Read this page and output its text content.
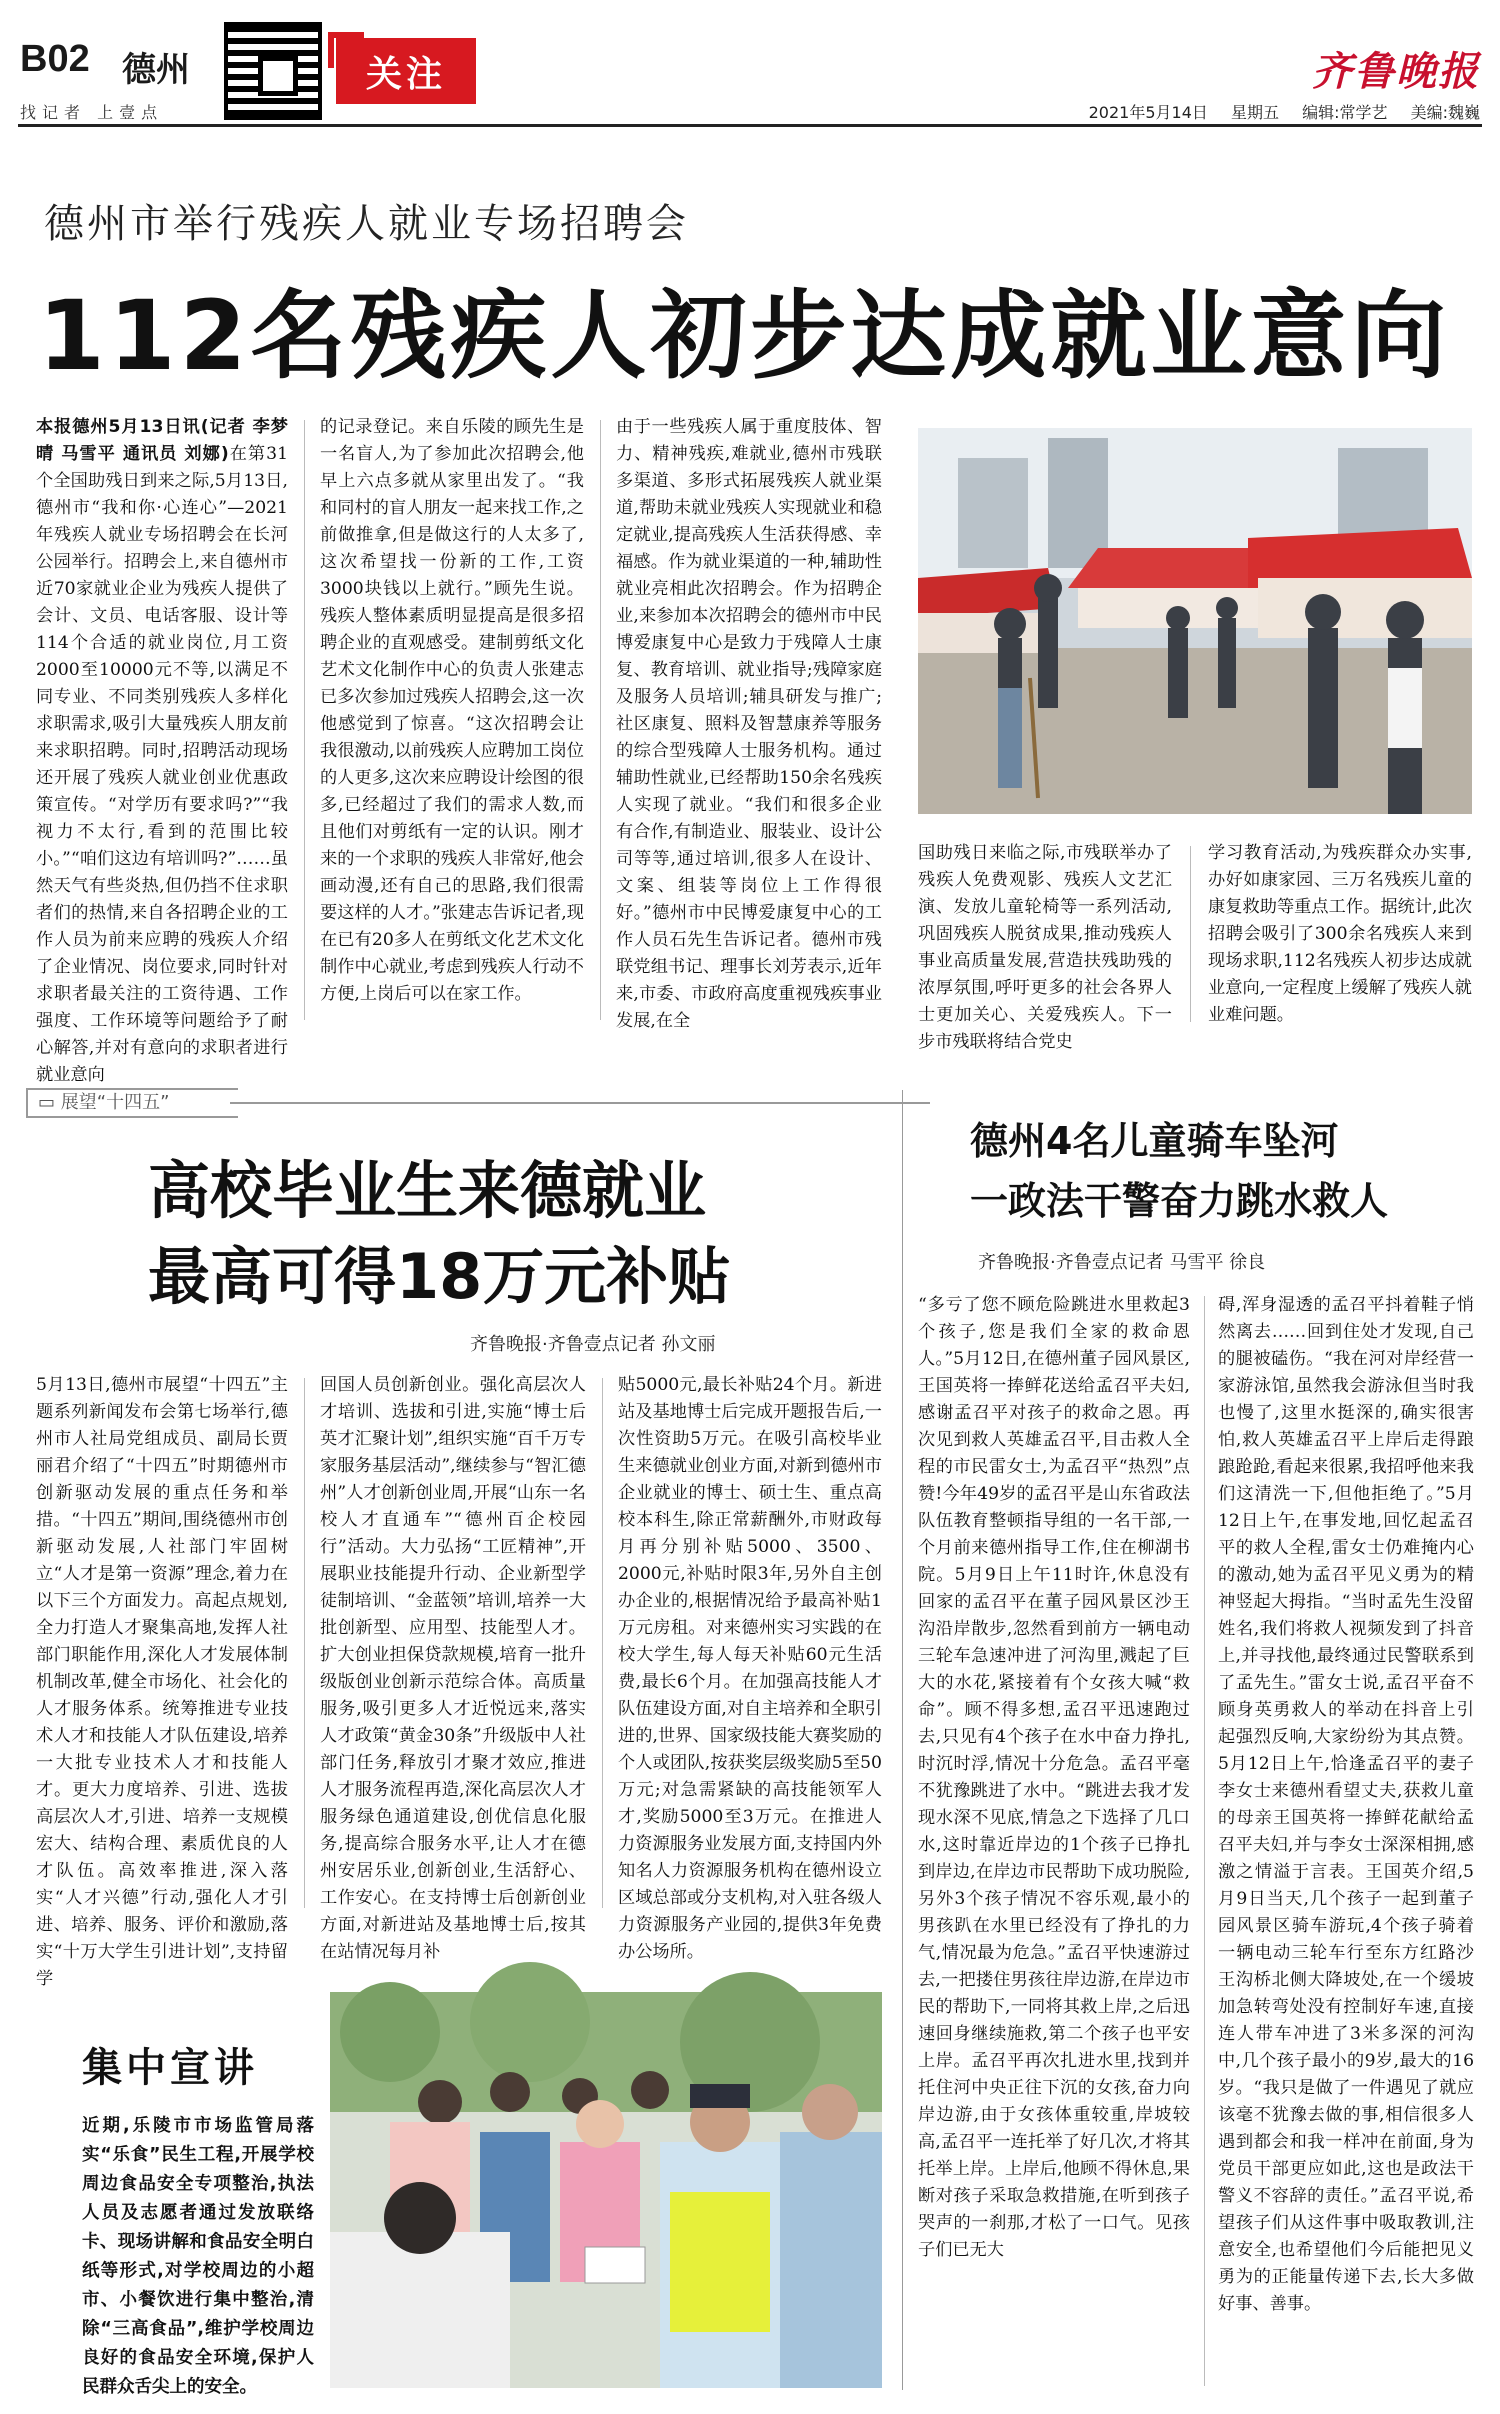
B02 德州
找记者 上壹点
关注	齐鲁晚报
2021年5月14日 星期五 编辑:常学艺 美编:魏巍
德州市举行残疾人就业专场招聘会
112名残疾人初步达成就业意向
本报德州5月13日讯(记者 李梦晴 马雪平 通讯员 刘娜)在第31个全国助残日到来之际,5月13日,德州市“我和你·心连心”—2021年残疾人就业专场招聘会在长河公园举行。招聘会上,来自德州市近70家就业企业为残疾人提供了会计、文员、电话客服、设计等114个合适的就业岗位,月工资2000至10000元不等,以满足不同专业、不同类别残疾人多样化求职需求,吸引大量残疾人朋友前来求职招聘。同时,招聘活动现场还开展了残疾人就业创业优惠政策宣传。“对学历有要求吗?”“我视力不太行,看到的范围比较小。”“咱们这边有培训吗?”……虽然天气有些炎热,但仍挡不住求职者们的热情,来自各招聘企业的工作人员为前来应聘的残疾人介绍了企业情况、岗位要求,同时针对求职者最关注的工资待遇、工作强度、工作环境等问题给予了耐心解答,并对有意向的求职者进行就业意向
的记录登记。来自乐陵的顾先生是一名盲人,为了参加此次招聘会,他早上六点多就从家里出发了。“我和同村的盲人朋友一起来找工作,之前做推拿,但是做这行的人太多了,这次希望找一份新的工作,工资3000块钱以上就行。”顾先生说。残疾人整体素质明显提高是很多招聘企业的直观感受。建制剪纸文化艺术文化制作中心的负责人张建志已多次参加过残疾人招聘会,这一次他感觉到了惊喜。“这次招聘会让我很激动,以前残疾人应聘加工岗位的人更多,这次来应聘设计绘图的很多,已经超过了我们的需求人数,而且他们对剪纸有一定的认识。刚才来的一个求职的残疾人非常好,他会画动漫,还有自己的思路,我们很需要这样的人才。”张建志告诉记者,现在已有20多人在剪纸文化艺术文化制作中心就业,考虑到残疾人行动不方便,上岗后可以在家工作。
由于一些残疾人属于重度肢体、智力、精神残疾,难就业,德州市残联多渠道、多形式拓展残疾人就业渠道,帮助未就业残疾人实现就业和稳定就业,提高残疾人生活获得感、幸福感。作为就业渠道的一种,辅助性就业亮相此次招聘会。作为招聘企业,来参加本次招聘会的德州市中民博爱康复中心是致力于残障人士康复、教育培训、就业指导;残障家庭及服务人员培训;辅具研发与推广;社区康复、照料及智慧康养等服务的综合型残障人士服务机构。通过辅助性就业,已经帮助150余名残疾人实现了就业。“我们和很多企业有合作,有制造业、服装业、设计公司等等,通过培训,很多人在设计、文案、组装等岗位上工作得很好。”德州市中民博爱康复中心的工作人员石先生告诉记者。德州市残联党组书记、理事长刘芳表示,近年来,市委、市政府高度重视残疾事业发展,在全
国助残日来临之际,市残联举办了残疾人免费观影、残疾人文艺汇演、发放儿童轮椅等一系列活动,巩固残疾人脱贫成果,推动残疾人事业高质量发展,营造扶残助残的浓厚氛围,呼吁更多的社会各界人士更加关心、关爱残疾人。下一步市残联将结合党史
学习教育活动,为残疾群众办实事,办好如康家园、三万名残疾儿童的康复救助等重点工作。据统计,此次招聘会吸引了300余名残疾人来到现场求职,112名残疾人初步达成就业意向,一定程度上缓解了残疾人就业难问题。
▭ 展望“十四五”
高校毕业生来德就业
最高可得18万元补贴
齐鲁晚报·齐鲁壹点记者 孙文丽
5月13日,德州市展望“十四五”主题系列新闻发布会第七场举行,德州市人社局党组成员、副局长贾丽君介绍了“十四五”时期德州市创新驱动发展的重点任务和举措。“十四五”期间,围绕德州市创新驱动发展,人社部门牢固树立“人才是第一资源”理念,着力在以下三个方面发力。高起点规划,全力打造人才聚集高地,发挥人社部门职能作用,深化人才发展体制机制改革,健全市场化、社会化的人才服务体系。统筹推进专业技术人才和技能人才队伍建设,培养一大批专业技术人才和技能人才。更大力度培养、引进、选拔高层次人才,引进、培养一支规模宏大、结构合理、素质优良的人才队伍。高效率推进,深入落实“人才兴德”行动,强化人才引进、培养、服务、评价和激励,落实“十万大学生引进计划”,支持留学
回国人员创新创业。强化高层次人才培训、选拔和引进,实施“博士后英才汇聚计划”,组织实施“百千万专家服务基层活动”,继续参与“智汇德州”人才创新创业周,开展“山东一名校人才直通车”“德州百企校园行”活动。大力弘扬“工匠精神”,开展职业技能提升行动、企业新型学徒制培训、“金蓝领”培训,培养一大批创新型、应用型、技能型人才。扩大创业担保贷款规模,培育一批升级版创业创新示范综合体。高质量服务,吸引更多人才近悦远来,落实人才政策“黄金30条”升级版中人社部门任务,释放引才聚才效应,推进人才服务流程再造,深化高层次人才服务绿色通道建设,创优信息化服务,提高综合服务水平,让人才在德州安居乐业,创新创业,生活舒心、工作安心。在支持博士后创新创业方面,对新进站及基地博士后,按其在站情况每月补
贴5000元,最长补贴24个月。新进站及基地博士后完成开题报告后,一次性资助5万元。在吸引高校毕业生来德就业创业方面,对新到德州市企业就业的博士、硕士生、重点高校本科生,除正常薪酬外,市财政每月再分别补贴5000、3500、2000元,补贴时限3年,另外自主创办企业的,根据情况给予最高补贴1万元房租。对来德州实习实践的在校大学生,每人每天补贴60元生活费,最长6个月。在加强高技能人才队伍建设方面,对自主培养和全职引进的,世界、国家级技能大赛奖励的个人或团队,按获奖层级奖励5至50万元;对急需紧缺的高技能领军人才,奖励5000至3万元。在推进人力资源服务业发展方面,支持国内外知名人力资源服务机构在德州设立区域总部或分支机构,对入驻各级人力资源服务产业园的,提供3年免费办公场所。
德州4名儿童骑车坠河
一政法干警奋力跳水救人
齐鲁晚报·齐鲁壹点记者 马雪平 徐良
“多亏了您不顾危险跳进水里救起3个孩子,您是我们全家的救命恩人。”5月12日,在德州董子园风景区,王国英将一捧鲜花送给孟召平夫妇,感谢孟召平对孩子的救命之恩。再次见到救人英雄孟召平,目击救人全程的市民雷女士,为孟召平“热烈”点赞!今年49岁的孟召平是山东省政法队伍教育整顿指导组的一名干部,一个月前来德州指导工作,住在柳湖书院。5月9日上午11时许,休息没有回家的孟召平在董子园风景区沙王沟沿岸散步,忽然看到前方一辆电动三轮车急速冲进了河沟里,溅起了巨大的水花,紧接着有个女孩大喊“救命”。顾不得多想,孟召平迅速跑过去,只见有4个孩子在水中奋力挣扎,时沉时浮,情况十分危急。孟召平毫不犹豫跳进了水中。“跳进去我才发现水深不见底,情急之下选择了几口水,这时靠近岸边的1个孩子已挣扎到岸边,在岸边市民帮助下成功脱险,另外3个孩子情况不容乐观,最小的男孩趴在水里已经没有了挣扎的力气,情况最为危急。”孟召平快速游过去,一把搂住男孩往岸边游,在岸边市民的帮助下,一同将其救上岸,之后迅速回身继续施救,第二个孩子也平安上岸。孟召平再次扎进水里,找到并托住河中央正往下沉的女孩,奋力向岸边游,由于女孩体重较重,岸坡较高,孟召平一连托举了好几次,才将其托举上岸。上岸后,他顾不得休息,果断对孩子采取急救措施,在听到孩子哭声的一刹那,才松了一口气。见孩子们已无大
碍,浑身湿透的孟召平抖着鞋子悄然离去……回到住处才发现,自己的腿被磕伤。“我在河对岸经营一家游泳馆,虽然我会游泳但当时我也慢了,这里水挺深的,确实很害怕,救人英雄孟召平上岸后走得踉踉跄跄,看起来很累,我招呼他来我们这清洗一下,但他拒绝了。”5月12日上午,在事发地,回忆起孟召平的救人全程,雷女士仍难掩内心的激动,她为孟召平见义勇为的精神竖起大拇指。“当时孟先生没留姓名,我们将救人视频发到了抖音上,并寻找他,最终通过民警联系到了孟先生。”雷女士说,孟召平奋不顾身英勇救人的举动在抖音上引起强烈反响,大家纷纷为其点赞。5月12日上午,恰逢孟召平的妻子李女士来德州看望丈夫,获救儿童的母亲王国英将一捧鲜花献给孟召平夫妇,并与李女士深深相拥,感激之情溢于言表。王国英介绍,5月9日当天,几个孩子一起到董子园风景区骑车游玩,4个孩子骑着一辆电动三轮车行至东方红路沙王沟桥北侧大降坡处,在一个缓坡加急转弯处没有控制好车速,直接连人带车冲进了3米多深的河沟中,几个孩子最小的9岁,最大的16岁。“我只是做了一件遇见了就应该毫不犹豫去做的事,相信很多人遇到都会和我一样冲在前面,身为党员干部更应如此,这也是政法干警义不容辞的责任。”孟召平说,希望孩子们从这件事中吸取教训,注意安全,也希望他们今后能把见义勇为的正能量传递下去,长大多做好事、善事。
集中宣讲
近期,乐陵市市场监管局落实“乐食”民生工程,开展学校周边食品安全专项整治,执法人员及志愿者通过发放联络卡、现场讲解和食品安全明白纸等形式,对学校周边的小超市、小餐饮进行集中整治,清除“三高食品”,维护学校周边良好的食品安全环境,保护人民群众舌尖上的安全。
